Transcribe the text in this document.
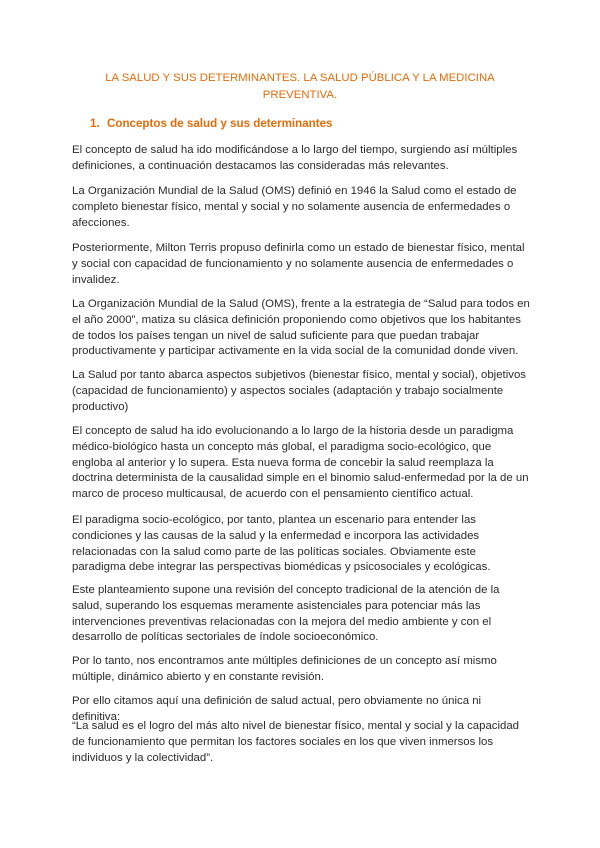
LA SALUD Y SUS DETERMINANTES. LA SALUD PÚBLICA Y LA MEDICINA PREVENTIVA.
1. Conceptos de salud y sus determinantes

El concepto de salud ha ido modificándose a lo largo del tiempo, surgiendo así múltiples definiciones, a continuación destacamos las consideradas más relevantes.

La Organización Mundial de la Salud (OMS) definió en 1946 la Salud como el estado de completo bienestar físico, mental y social y no solamente ausencia de enfermedades o afecciones.

Posteriormente, Milton Terris propuso definirla como un estado de bienestar físico, mental y social con capacidad de funcionamiento y no solamente ausencia de enfermedades o invalidez.

La Organización Mundial de la Salud (OMS), frente a la estrategia de “Salud para todos en el año 2000”, matiza su clásica definición proponiendo como objetivos que los habitantes de todos los países tengan un nivel de salud suficiente para que puedan trabajar productivamente y participar activamente en la vida social de la comunidad donde viven.

La Salud por tanto abarca aspectos subjetivos (bienestar físico, mental y social), objetivos (capacidad de funcionamiento) y aspectos sociales (adaptación y trabajo socialmente productivo)

El concepto de salud ha ido evolucionando a lo largo de la historia desde un paradigma médico-biológico hasta un concepto más global, el paradigma socio-ecológico, que engloba al anterior y lo supera. Esta nueva forma de concebir la salud reemplaza la doctrina determinista de la causalidad simple en el binomio salud-enfermedad por la de un marco de proceso multicausal, de acuerdo con el pensamiento científico actual.

El paradigma socio-ecológico, por tanto, plantea un escenario para entender las condiciones y las causas de la salud y la enfermedad e incorpora las actividades relacionadas con la salud como parte de las políticas sociales. Obviamente este paradigma debe integrar las perspectivas biomédicas y psicosociales y ecológicas.

Este planteamiento supone una revisión del concepto tradicional de la atención de la salud, superando los esquemas meramente asistenciales para potenciar más las intervenciones preventivas relacionadas con la mejora del medio ambiente y con el desarrollo de políticas sectoriales de índole socioeconómico.

Por lo tanto, nos encontramos ante múltiples definiciones de un concepto así mismo múltiple, dinámico abierto y en constante revisión.

Por ello citamos aquí una definición de salud actual, pero obviamente no única ni definitiva:

“La salud es el logro del más alto nivel de bienestar físico, mental y social y la capacidad de funcionamiento que permitan los factores sociales en los que viven inmersos los individuos y la colectividad”.
